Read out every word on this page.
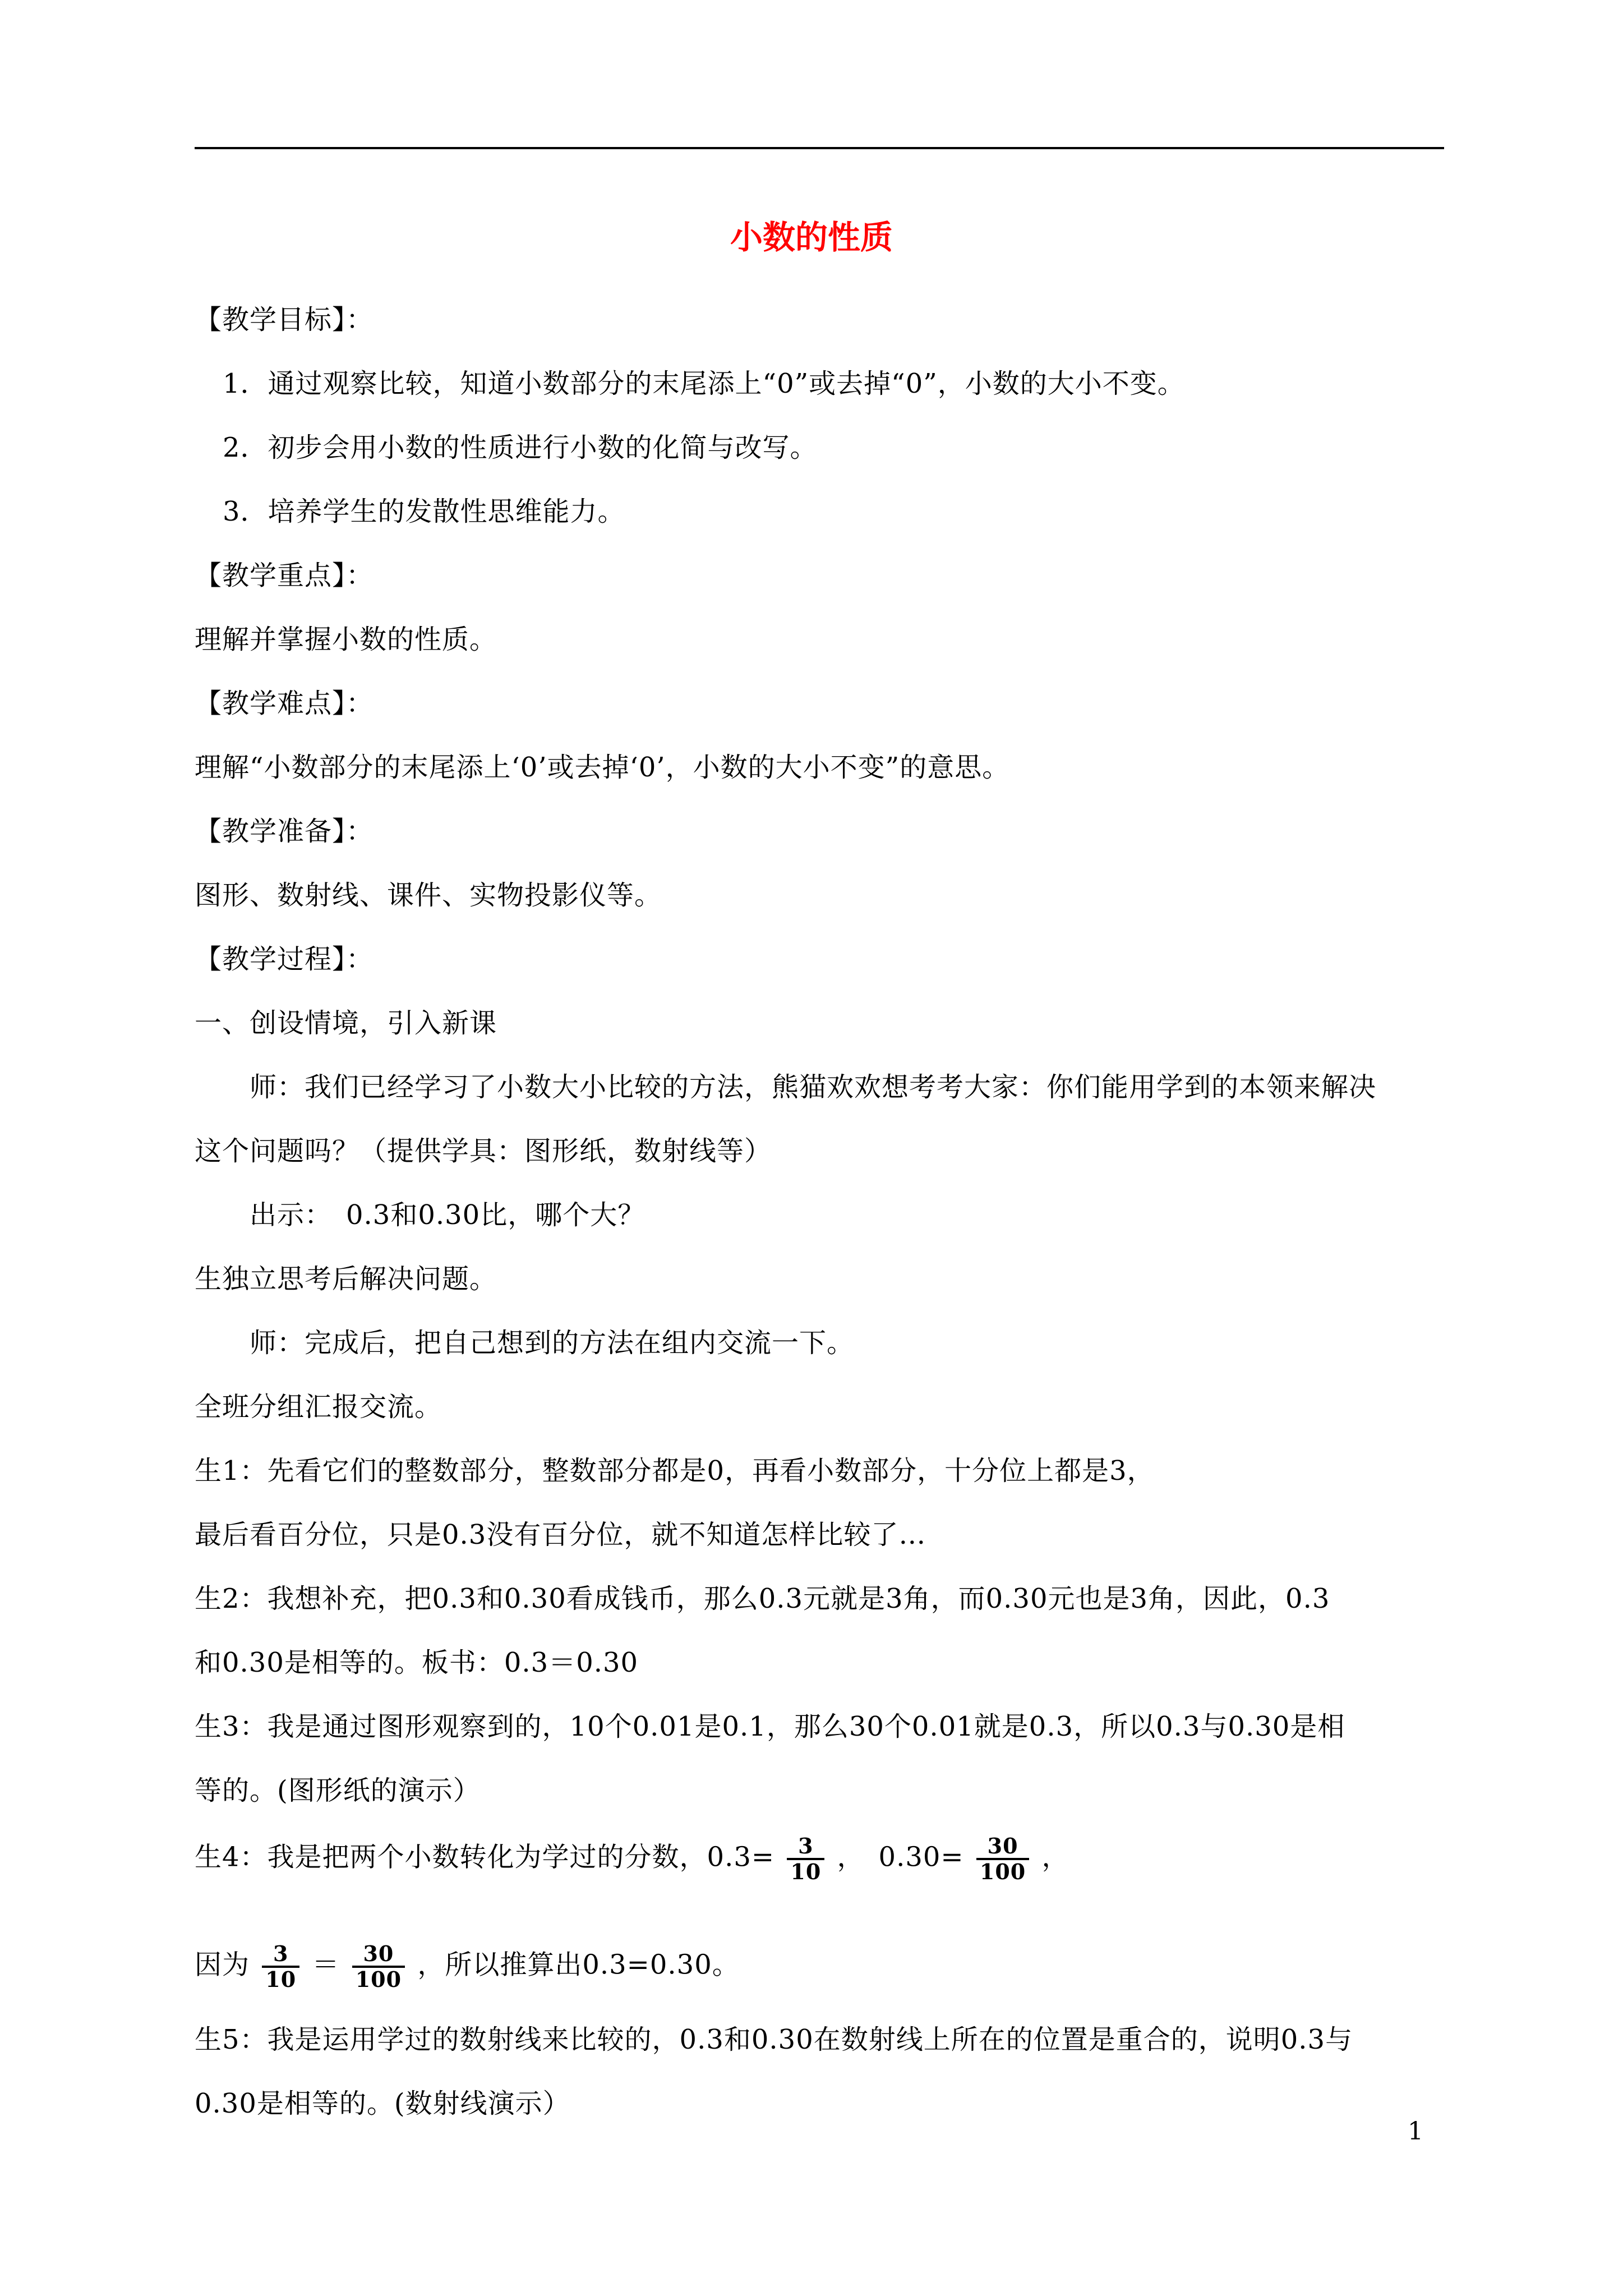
小数的性质
【教学目标】：
1．通过观察比较，知道小数部分的末尾添上“0”或去掉“0”，小数的大小不变。
2．初步会用小数的性质进行小数的化简与改写。
3．培养学生的发散性思维能力。
【教学重点】：
理解并掌握小数的性质。
【教学难点】：
理解“小数部分的末尾添上‘0’或去掉‘0’，小数的大小不变”的意思。
【教学准备】：
图形、数射线、课件、实物投影仪等。
【教学过程】：
一、创设情境，引入新课
师：我们已经学习了小数大小比较的方法，熊猫欢欢想考考大家：你们能用学到的本领来解决
这个问题吗？（提供学具：图形纸，数射线等）
出示：　0.3和0.30比，哪个大？
生独立思考后解决问题。
师：完成后，把自己想到的方法在组内交流一下。
全班分组汇报交流。
生1：先看它们的整数部分，整数部分都是0，再看小数部分，十分位上都是3，
最后看百分位，只是0.3没有百分位，就不知道怎样比较了…
生2：我想补充，把0.3和0.30看成钱币，那么0.3元就是3角，而0.30元也是3角，因此，0.3
和0.30是相等的。板书：0.3＝0.30
生3：我是通过图形观察到的，10个0.01是0.1，那么30个0.01就是0.3，所以0.3与0.30是相
等的。(图形纸的演示）
生4：我是把两个小数转化为学过的分数，$0.3= \frac{3}{10}$ ，　$0.30= \frac{30}{100}$ ，
因为 $\frac{3}{10} = \frac{30}{100}$ ，所以推算出0.3=0.30。
生5：我是运用学过的数射线来比较的，0.3和0.30在数射线上所在的位置是重合的，说明0.3与
0.30是相等的。(数射线演示）
1
